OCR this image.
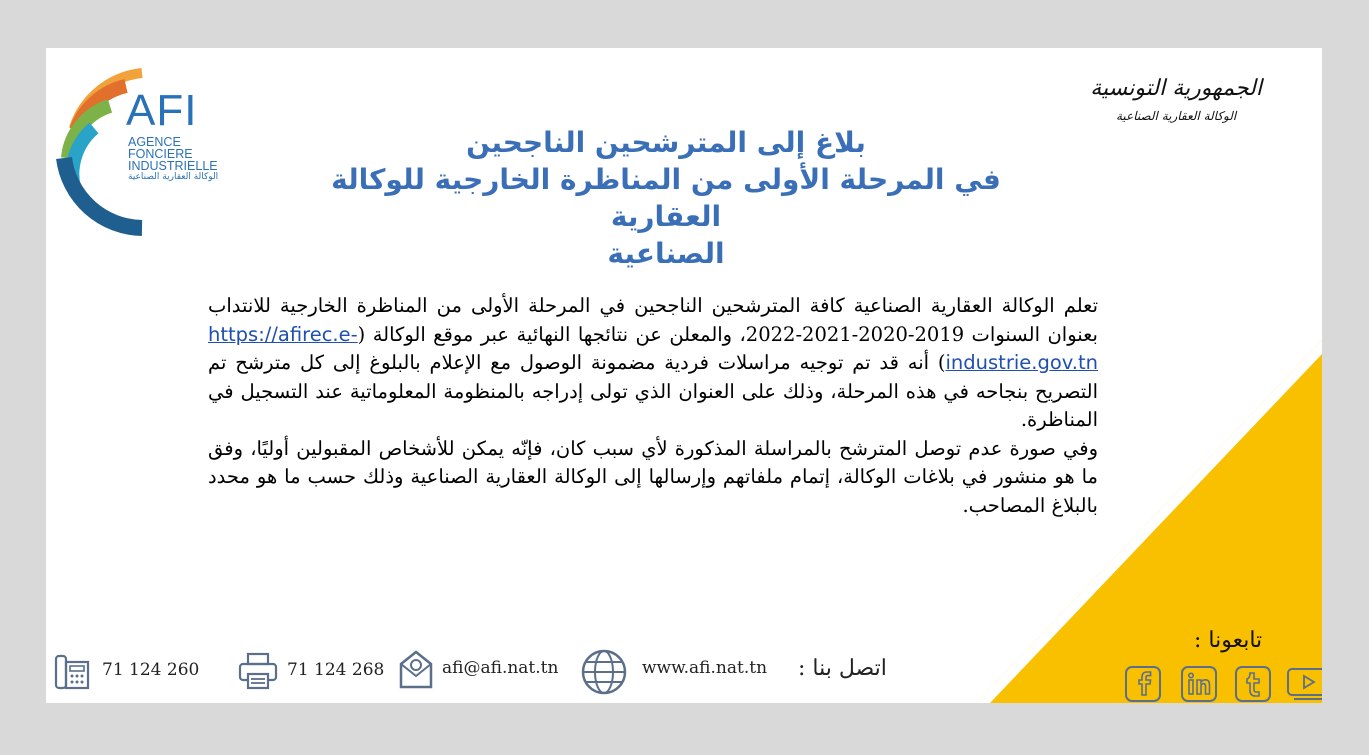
AFI
AGENCE
FONCIERE
INDUSTRIELLE
الوكالة العقارية الصناعية
الجمهورية التونسية
الوكالة العقارية الصناعية
بلاغ إلى المترشحين الناجحين
في المرحلة الأولى من المناظرة الخارجية للوكالة العقارية
الصناعية

تعلم الوكالة العقارية الصناعية كافة المترشحين الناجحين في المرحلة الأولى من المناظرة الخارجية للانتداب بعنوان السنوات 2019-2020-2021-2022، والمعلن عن نتائجها النهائية عبر موقع الوكالة (https://afirec.e-industrie.gov.tn) أنه قد تم توجيه مراسلات فردية مضمونة الوصول مع الإعلام بالبلوغ إلى كل مترشح تم التصريح بنجاحه في هذه المرحلة، وذلك على العنوان الذي تولى إدراجه بالمنظومة المعلوماتية عند التسجيل في المناظرة.

وفي صورة عدم توصل المترشح بالمراسلة المذكورة لأي سبب كان، فإنّه يمكن للأشخاص المقبولين أوليًا، وفق ما هو منشور في بلاغات الوكالة، إتمام ملفاتهم وإرسالها إلى الوكالة العقارية الصناعية وذلك حسب ما هو محدد بالبلاغ المصاحب.

اتصل بنا :
www.afi.nat.tn
afi@afi.nat.tn
71 124 268
71 124 260
تابعونا :
